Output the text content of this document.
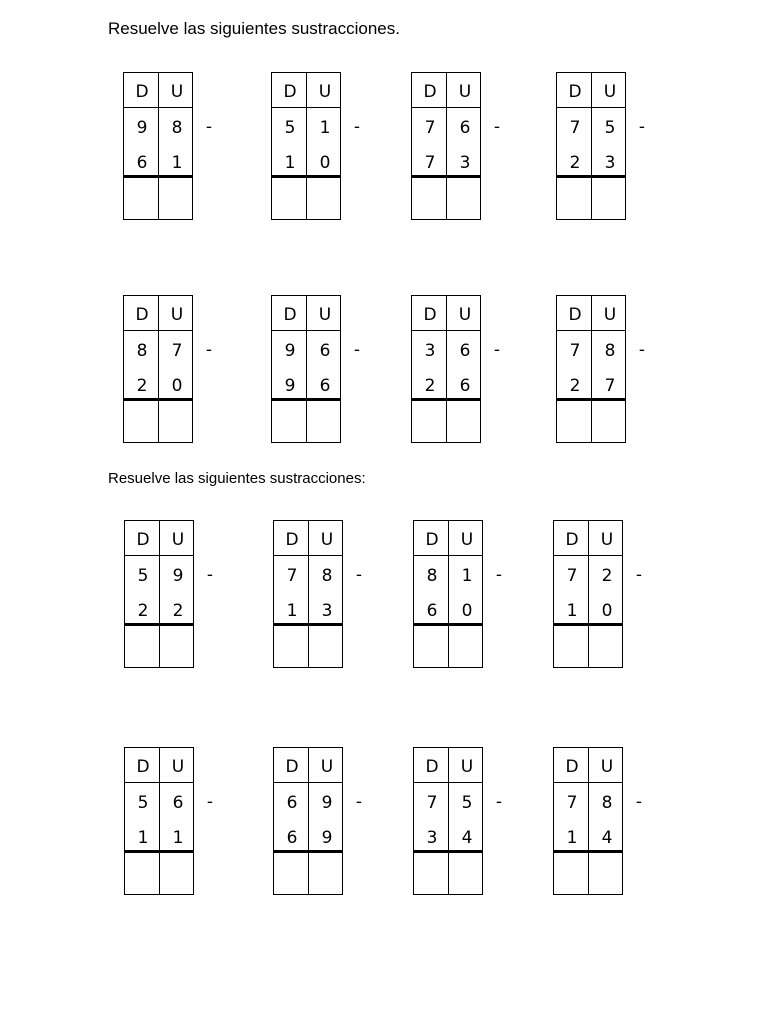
Resuelve las siguientes sustracciones.
Resuelve las siguientes sustracciones:
D	U
9	8
6	1
-
D	U
5	1
1	0
-
D	U
7	6
7	3
-
D	U
7	5
2	3
-
D	U
8	7
2	0
-
D	U
9	6
9	6
-
D	U
3	6
2	6
-
D	U
7	8
2	7
-
D	U
5	9
2	2
-
D	U
7	8
1	3
-
D	U
8	1
6	0
-
D	U
7	2
1	0
-
D	U
5	6
1	1
-
D	U
6	9
6	9
-
D	U
7	5
3	4
-
D	U
7	8
1	4
-
